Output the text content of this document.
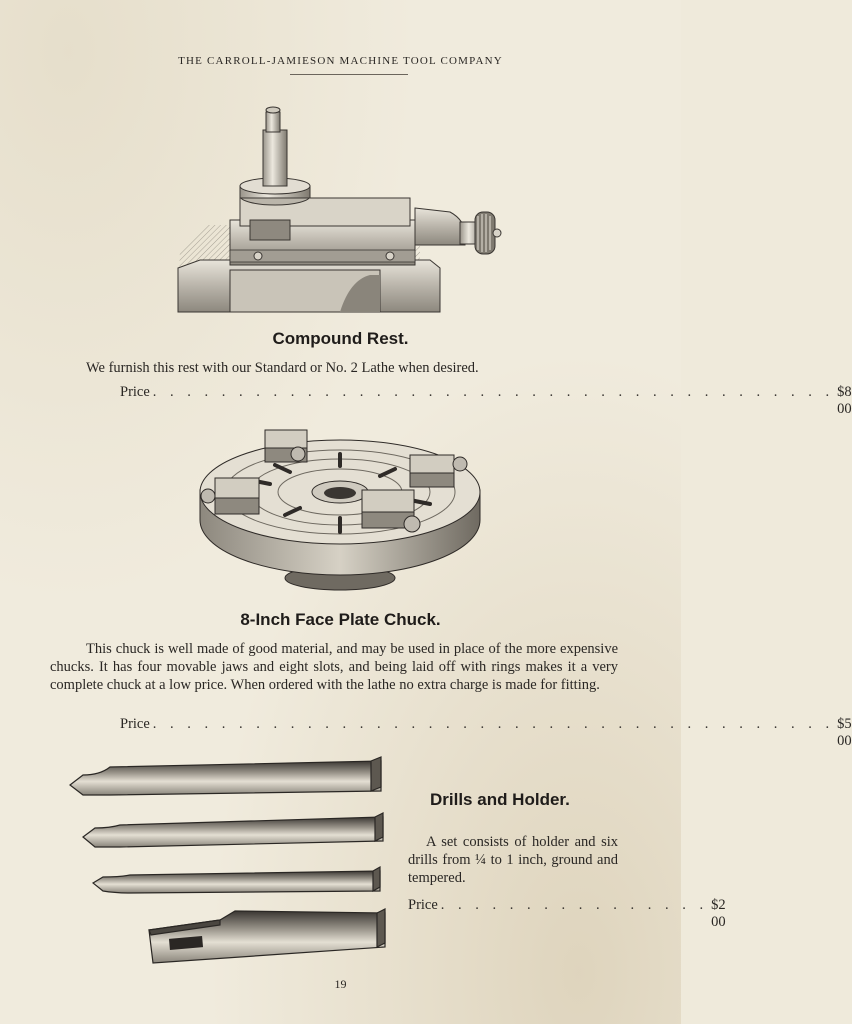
THE CARROLL-JAMIESON MACHINE TOOL COMPANY
Compound Rest.
We furnish this rest with our Standard or No. 2 Lathe when desired.
Price . . . . . . . . . . . . . . . . . . . . . . . . . . . . . . . . . . . . . . . . $8 00
8-Inch Face Plate Chuck.
This chuck is well made of good material, and may be used in place of the more expensive chucks. It has four movable jaws and eight slots, and being laid off with rings makes it a very complete chuck at a low price. When ordered with the lathe no extra charge is made for fitting.
Price . . . . . . . . . . . . . . . . . . . . . . . . . . . . . . . . . . . . . . . . $5 00
Drills and Holder.
A set consists of holder and six drills from ¼ to 1 inch, ground and tempered.
Price . . . . . . . . . . . . . . . . $2 00
19
